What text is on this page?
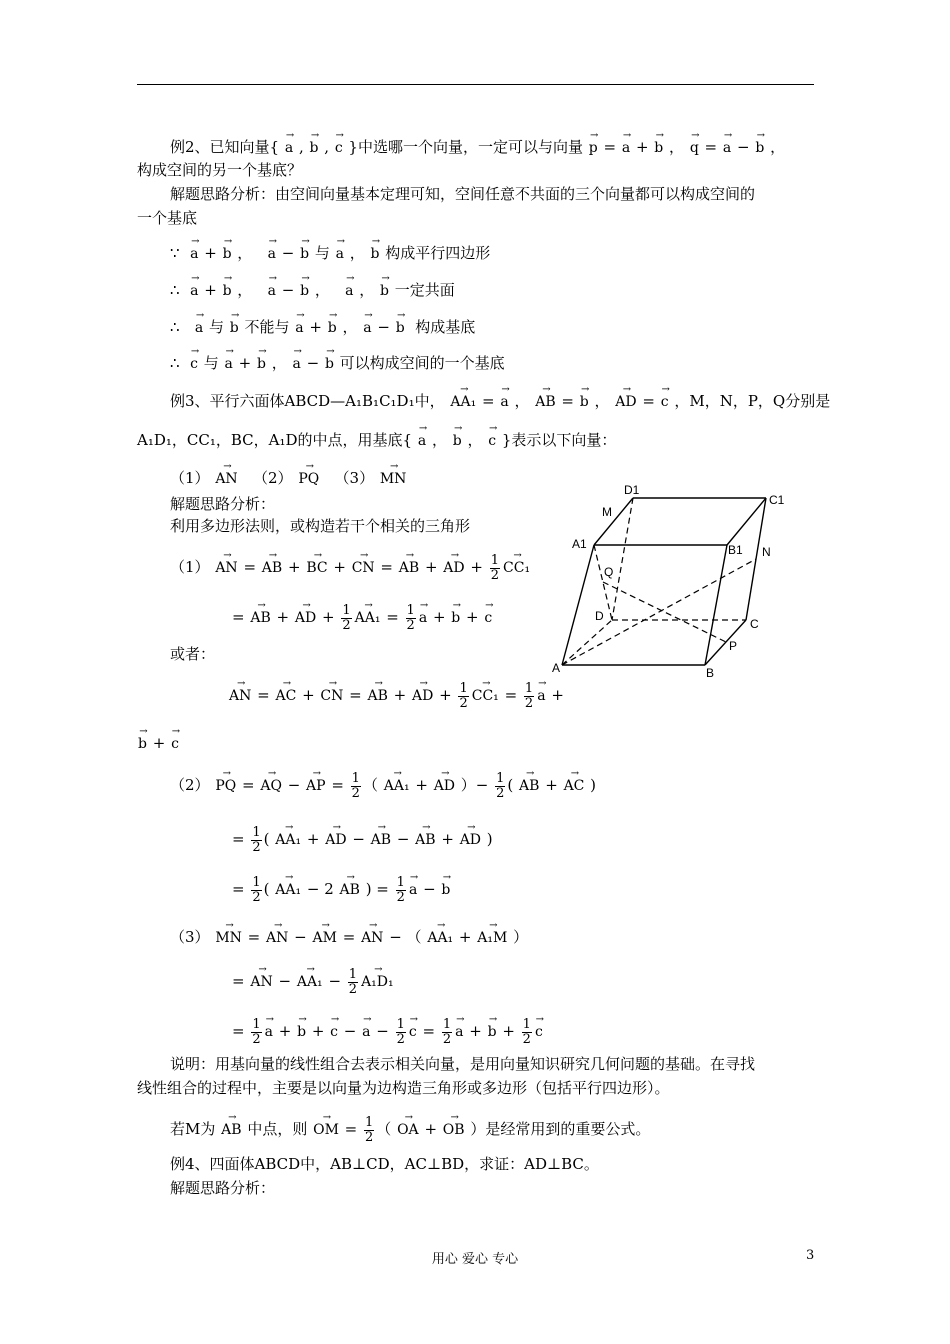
例2、已知向量{ → a , → b , → c }中选哪一个向量，一定可以与向量 → p = → a + → b ， → q = → a − → b ，
构成空间的另一个基底？
解题思路分析：由空间向量基本定理可知，空间任意不共面的三个向量都可以构成空间的
一个基底
∵  → a + → b ，   → a − → b 与 → a ， → b 构成平行四边形
∴  → a + → b ，   → a − → b ，   → a ， → b 一定共面
∴   → a 与 → b 不能与 → a + → b ， → a − → b  构成基底
∴  → c 与 → a + → b ， → a − → b 可以构成空间的一个基底
例3、平行六面体ABCD—A₁B₁C₁D₁中， → AA₁ = → a ， → AB = → b ， → AD = → c ，M，N，P，Q分别是
A₁D₁，CC₁，BC，A₁D的中点，用基底{ → a ， → b ， → c }表示以下向量：
（1） → AN   （2） → PQ   （3） → MN
解题思路分析：
利用多边形法则，或构造若干个相关的三角形
（1） → AN = → AB + → BC + → CN = → AB + → AD + $\frac{1}{2}$
→ CC₁
= → AB + → AD + $\frac{1}{2}$
→ $AA_1 = \frac{1}{2}$
→ a + → b + → c
或者：
→ AN = → AC + → CN = → AB + → AD + $\frac{1}{2}$
→ $CC_1 = \frac{1}{2}$
→ a +
→ b + → c
（2） → PQ = → AQ − → AP = $\frac{1}{2}$ （ → AA₁ + → AD ）− $\frac{1}{2}$ ( → AB + → AC )
= $\frac{1}{2}$ ( → AA₁ + → AD − → AB − → AB + → AD )
= $\frac{1}{2}$ ( → AA₁ − 2 → AB ) = $\frac{1}{2}$
→ a − → b
（3） → MN = → AN − → AM = → AN − （ → AA₁ + → A₁M ）
= → AN − → $AA_1 - \frac{1}{2}$
→ A₁D₁
= $\frac{1}{2}$
→ a + → b + → c − → $a - \frac{1}{2}$
→ $c = \frac{1}{2}$
→ a + → $b + \frac{1}{2}$
→ c
说明：用基向量的线性组合去表示相关向量，是用向量知识研究几何问题的基础。在寻找
线性组合的过程中，主要是以向量为边构造三角形或多边形（包括平行四边形）。
若M为 → AB 中点，则 → OM = $\frac{1}{2}$ （ → OA + → OB ）是经常用到的重要公式。
例4、四面体ABCD中，AB⊥CD，AC⊥BD，求证：AD⊥BC。
解题思路分析：
D1
C1
M
A1	B1 N
Q
D
C
P
A	B
用心 爱心 专心	3
